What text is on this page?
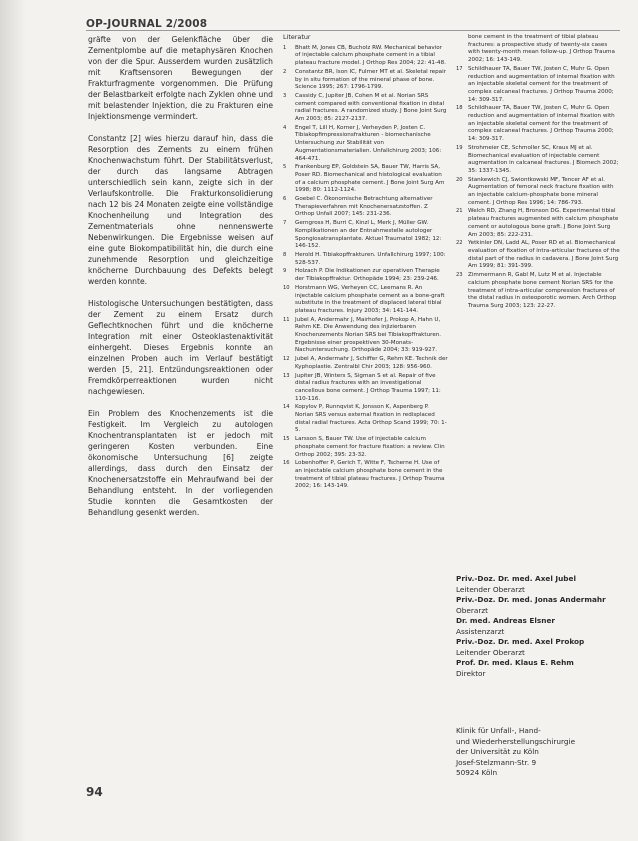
OP-JOURNAL 2/2008

gräfte von der Gelenkfläche über die Zementplombe auf die metaphysären Knochen von der die Spur. Ausserdem wurden zusätzlich mit Kraftsensoren Bewegungen der Frakturfragmente vorgenommen. Die Prüfung der Belastbarkeit erfolgte nach Zyklen ohne und mit belastender Injektion, die zu Frakturen eine Injektionsmenge vermindert.

Constantz [2] wies hierzu darauf hin, dass die Resorption des Zements zu einem frühen Knochenwachstum führt. Der Stabilitätsverlust, der durch das langsame Abtragen unterschiedlich sein kann, zeigte sich in der Verlaufskontrolle. Die Frakturkonsolidierung nach 12 bis 24 Monaten zeigte eine vollständige Knochenheilung und Integration des Zementmaterials ohne nennenswerte Nebenwirkungen. Die Ergebnisse weisen auf eine gute Biokompatibilität hin, die durch eine zunehmende Resorption und gleichzeitige knöcherne Durchbauung des Defekts belegt werden konnte.

Histologische Untersuchungen bestätigten, dass der Zement zu einem Ersatz durch Geflechtknochen führt und die knöcherne Integration mit einer Osteoklastenaktivität einhergeht. Dieses Ergebnis konnte an einzelnen Proben auch im Verlauf bestätigt werden [5, 21]. Entzündungsreaktionen oder Fremdkörperreaktionen wurden nicht nachgewiesen.

Ein Problem des Knochenzements ist die Festigkeit. Im Vergleich zu autologen Knochentransplantaten ist er jedoch mit geringeren Kosten verbunden. Eine ökonomische Untersuchung [6] zeigte allerdings, dass durch den Einsatz der Knochenersatzstoffe ein Mehraufwand bei der Behandlung entsteht. In der vorliegenden Studie konnten die Gesamtkosten der Behandlung gesenkt werden.

Literatur
1 Bhatt M, Jones CB, Bucholz RW. Mechanical behavior of injectable calcium phosphate cement in a tibial plateau fracture model. J Orthop Res 2004; 22: 41-48.
2 Constantz BR, Ison IC, Fulmer MT et al. Skeletal repair by in situ formation of the mineral phase of bone. Science 1995; 267: 1796-1799.
3 Cassidy C, Jupiter JB, Cohen M et al. Norian SRS cement compared with conventional fixation in distal radial fractures. A randomized study. J Bone Joint Surg Am 2003; 85: 2127-2137.
4 Engel T, Lill H, Korner J, Verheyden P, Josten C. Tibiakopfimpressionsfrakturen - biomechanische Untersuchung zur Stabilität von Augmentationsmaterialien. Unfallchirurg 2003; 106: 464-471.
5 Frankenburg EP, Goldstein SA, Bauer TW, Harris SA, Poser RD. Biomechanical and histological evaluation of a calcium phosphate cement. J Bone Joint Surg Am 1998; 80: 1112-1124.
6 Goebel C. Ökonomische Betrachtung alternativer Therapieverfahren mit Knochenersatzstoffen. Z Orthop Unfall 2007; 145: 231-236.
7 Gerngross H, Burri C, Kinzl L, Merk J, Müller GW. Komplikationen an der Entnahmestelle autologer Spongiosatransplantate. Aktuel Traumatol 1982; 12: 146-152.
8 Herold H. Tibiakopffrakturen. Unfallchirurg 1997; 100: 528-537.
9 Holzach P. Die Indikationen zur operativen Therapie der Tibiakopffraktur. Orthopäde 1994; 23: 239-246.
10 Horstmann WG, Verheyen CC, Leemans R. An injectable calcium phosphate cement as a bone-graft substitute in the treatment of displaced lateral tibial plateau fractures. Injury 2003; 34: 141-144.
11 Jubel A, Andermahr J, Mairhofer J, Prokop A, Hahn U, Rehm KE. Die Anwendung des injizierbaren Knochenzements Norian SRS bei Tibiakopffrakturen. Ergebnisse einer prospektiven 30-Monats-Nachuntersuchung. Orthopäde 2004; 33: 919-927.
12 Jubel A, Andermahr J, Schiffer G, Rehm KE. Technik der Kyphoplastie. Zentralbl Chir 2003; 128: 956-960.
13 Jupiter JB, Winters S, Sigman S et al. Repair of five distal radius fractures with an investigational cancellous bone cement. J Orthop Trauma 1997; 11: 110-116.
14 Kopylov P, Runnqvist K, Jonsson K, Aspenberg P. Norian SRS versus external fixation in redisplaced distal radial fractures. Acta Orthop Scand 1999; 70: 1-5.
15 Larsson S, Bauer TW. Use of injectable calcium phosphate cement for fracture fixation: a review. Clin Orthop 2002; 395: 23-32.
16 Lobenhoffer P, Gerich T, Witte F, Tscherne H. Use of an injectable calcium phosphate bone cement in the treatment of tibial plateau fractures. J Orthop Trauma 2002; 16: 143-149.
bone cement in the treatment of tibial plateau fractures: a prospective study of twenty-six cases with twenty-month mean follow-up. J Orthop Trauma 2002; 16: 143-149.
17 Schildhauer TA, Bauer TW, Josten C, Muhr G. Open reduction and augmentation of internal fixation with an injectable skeletal cement for the treatment of complex calcaneal fractures. J Orthop Trauma 2000; 14: 309-317.
18 Schildhauer TA, Bauer TW, Josten C, Muhr G. Open reduction and augmentation of internal fixation with an injectable skeletal cement for the treatment of complex calcaneal fractures. J Orthop Trauma 2000; 14: 309-317.
19 Strohmeier CE, Schmoller SC, Kraus MJ et al. Biomechanical evaluation of injectable cement augmentation in calcaneal fractures. J Biomech 2002; 35: 1337-1345.
20 Stankewich CJ, Swiontkowski MF, Tencer AF et al. Augmentation of femoral neck fracture fixation with an injectable calcium-phosphate bone mineral cement. J Orthop Res 1996; 14: 786-793.
21 Welch RD, Zhang H, Bronson DG. Experimental tibial plateau fractures augmented with calcium phosphate cement or autologous bone graft. J Bone Joint Surg Am 2003; 85: 222-231.
22 Yetkinler DN, Ladd AL, Poser RD et al. Biomechanical evaluation of fixation of intra-articular fractures of the distal part of the radius in cadavera. J Bone Joint Surg Am 1999; 81: 391-399.
23 Zimmermann R, Gabl M, Lutz M et al. Injectable calcium phosphate bone cement Norian SRS for the treatment of intra-articular compression fractures of the distal radius in osteoporotic women. Arch Orthop Trauma Surg 2003; 123: 22-27.
Priv.-Doz. Dr. med. Axel Jubel
Leitender Oberarzt
Priv.-Doz. Dr. med. Jonas Andermahr
Oberarzt
Dr. med. Andreas Elsner
Assistenzarzt
Priv.-Doz. Dr. med. Axel Prokop
Leitender Oberarzt
Prof. Dr. med. Klaus E. Rehm
Direktor
Klinik für Unfall-, Hand-
und Wiederherstellungschirurgie
der Universität zu Köln
Josef-Stelzmann-Str. 9
50924 Köln
94
